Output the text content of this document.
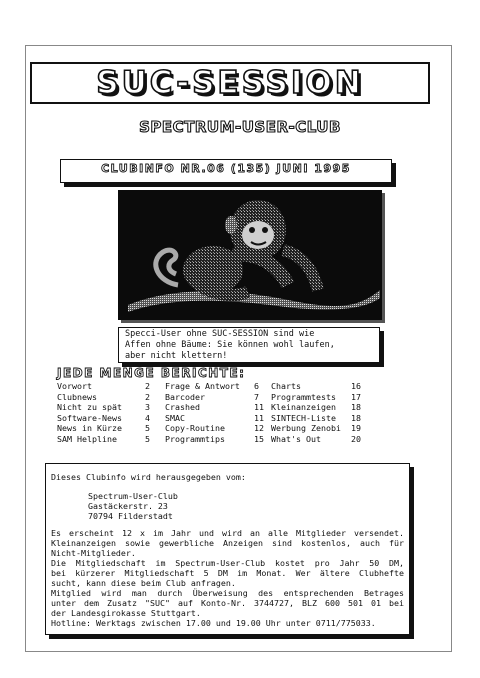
SUC-SESSION
SPECTRUM-USER-CLUB
CLUBINFO NR.06 (135) JUNI 1995

Specci-User ohne SUC-SESSION sind wie

Affen ohne Bäume: Sie können wohl laufen,

aber nicht klettern!

JEDE MENGE BERICHTE:
Vorwort	2 Frage & Antwort 6 Charts	16
Clubnews	2 Barcoder	7 Programmtests 17
Nicht zu spät	3 Crashed	11 Kleinanzeigen 18
Software-News	4 SMAC	11 SINTECH-Liste 18
News in Kürze	5 Copy-Routine	12 Werbung Zenobi 19
SAM Helpline	5 Programmtips	15 What's Out	20
Dieses Clubinfo wird herausgegeben vom:
Spectrum-User-Club
Gastäckerstr. 23
70794 Filderstadt
Es erscheint 12 x im Jahr und wird an alle Mitglieder versendet.
Kleinanzeigen sowie gewerbliche Anzeigen sind kostenlos, auch für
Nicht-Mitglieder.
Die Mitgliedschaft im Spectrum-User-Club kostet pro Jahr 50 DM,
bei kürzerer Mitgliedschaft 5 DM im Monat. Wer ältere Clubhefte
sucht, kann diese beim Club anfragen.
Mitglied wird man durch Überweisung des entsprechenden Betrages
unter dem Zusatz "SUC" auf Konto-Nr. 3744727, BLZ 600 501 01 bei
der Landesgirokasse Stuttgart.
Hotline: Werktags zwischen 17.00 und 19.00 Uhr unter 0711/775033.
